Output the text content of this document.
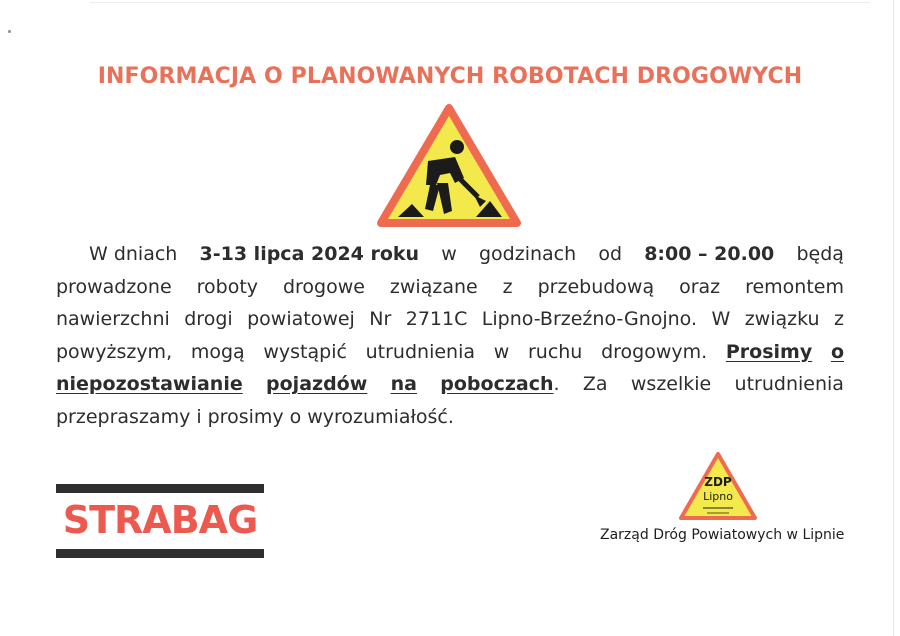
INFORMACJA O PLANOWANYCH ROBOTACH DROGOWYCH
W dniach 3-13 lipca 2024 roku w godzinach od 8:00 – 20.00 będą
prowadzone roboty drogowe związane z przebudową oraz remontem
nawierzchni drogi powiatowej Nr 2711C Lipno-Brzeźno-Gnojno. W związku z
powyższym, mogą wystąpić utrudnienia w ruchu drogowym. Prosimy o
niepozostawianie pojazdów na poboczach. Za wszelkie utrudnienia
przepraszamy i prosimy o wyrozumiałość.
STRABAG
ZDP
Lipno
Zarząd Dróg Powiatowych w Lipnie
